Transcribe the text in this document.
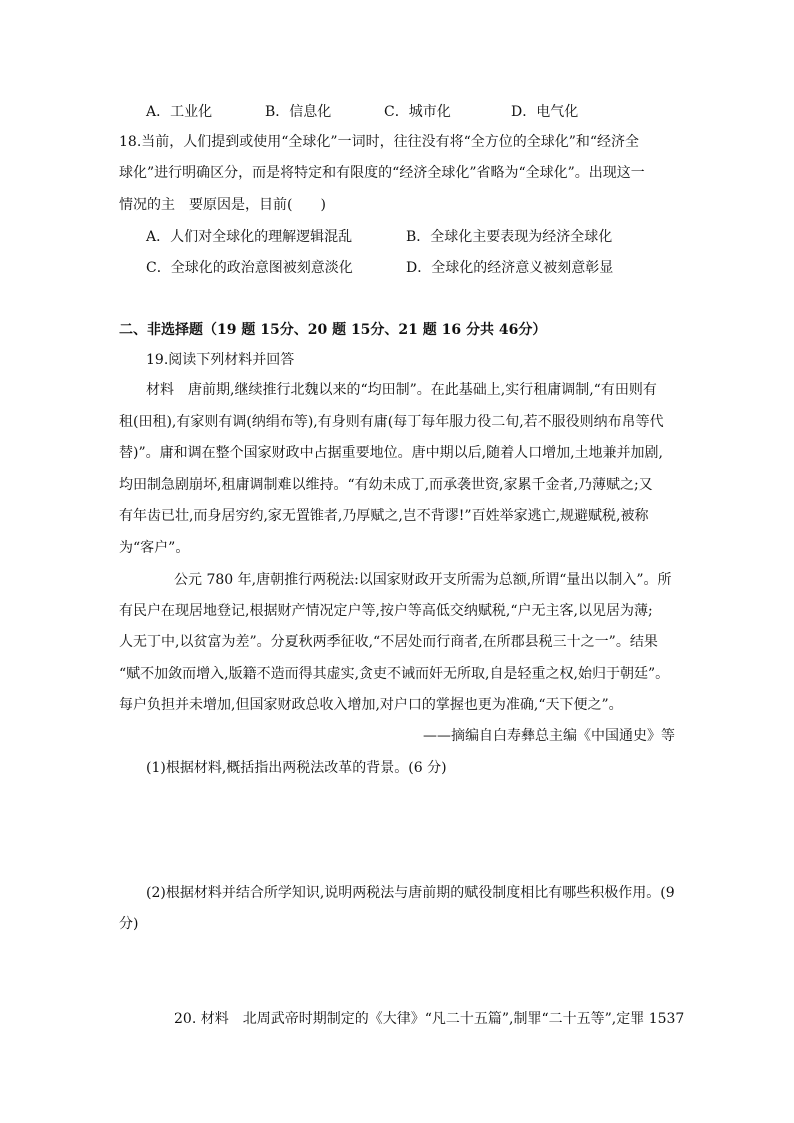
A．工业化	B．信息化	C．城市化	D．电气化
18.当前，人们提到或使用“全球化”一词时，往往没有将“全方位的全球化”和“经济全
球化”进行明确区分，而是将特定和有限度的“经济全球化”省略为“全球化”。出现这一
情况的主　要原因是，目前(　　)
A．人们对全球化的理解逻辑混乱	B．全球化主要表现为经济全球化
C．全球化的政治意图被刻意淡化	D．全球化的经济意义被刻意彰显
二、非选择题（19 题 15分、20 题 15分、21 题 16 分共 46分）
19.阅读下列材料并回答
材料　唐前期,继续推行北魏以来的“均田制”。在此基础上,实行租庸调制,“有田则有
租(田租),有家则有调(纳绢布等),有身则有庸(每丁每年服力役二旬,若不服役则纳布帛等代
替)”。庸和调在整个国家财政中占据重要地位。唐中期以后,随着人口增加,土地兼并加剧,
均田制急剧崩坏,租庸调制难以维持。“有幼未成丁,而承袭世资,家累千金者,乃薄赋之;又
有年齿已壮,而身居穷约,家无置锥者,乃厚赋之,岂不背谬!”百姓举家逃亡,规避赋税,被称
为“客户”。
公元 780 年,唐朝推行两税法:以国家财政开支所需为总额,所谓“量出以制入”。所
有民户在现居地登记,根据财产情况定户等,按户等高低交纳赋税,“户无主客,以见居为薄;
人无丁中,以贫富为差”。分夏秋两季征收,“不居处而行商者,在所郡县税三十之一”。结果
“赋不加敛而增入,版籍不造而得其虚实,贪吏不诫而奸无所取,自是轻重之权,始归于朝廷”。
每户负担并未增加,但国家财政总收入增加,对户口的掌握也更为准确,“天下便之”。
——摘编自白寿彝总主编《中国通史》等
(1)根据材料,概括指出两税法改革的背景。(6 分)
(2)根据材料并结合所学知识,说明两税法与唐前期的赋役制度相比有哪些积极作用。(9
分)
20. 材料　北周武帝时期制定的《大律》“凡二十五篇”,制罪“二十五等”,定罪 1537
